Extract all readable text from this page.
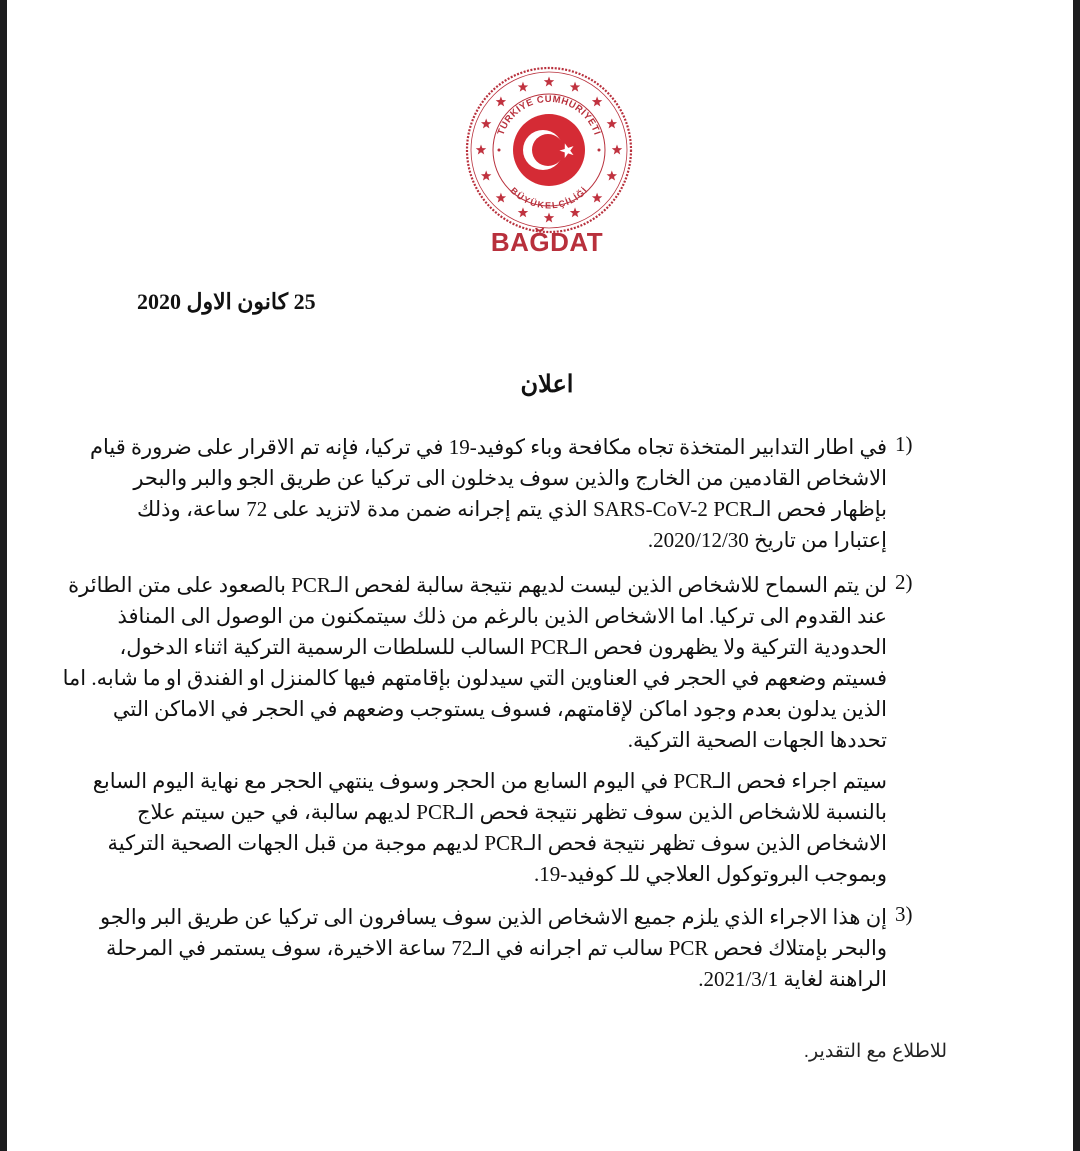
TÜRKİYE CUMHURİYETİ
BÜYÜKELÇİLİĞİ
BAĞDAT
25 كانون الاول 2020
اعلان
1)
في اطار التدابير المتخذة تجاه مكافحة وباء كوفيد-19 في تركيا، فإنه تم الاقرار على ضرورة قيام
الاشخاص القادمين من الخارج والذين سوف يدخلون الى تركيا عن طريق الجو والبر والبحر
بإظهار فحص الـSARS-CoV-2 PCR الذي يتم إجرانه ضمن مدة لاتزيد على 72 ساعة، وذلك
إعتبارا من تاريخ 2020/12/30.
2)
لن يتم السماح للاشخاص الذين ليست لديهم نتيجة سالبة لفحص الـPCR بالصعود على متن الطائرة
عند القدوم الى تركيا. اما الاشخاص الذين بالرغم من ذلك سيتمكنون من الوصول الى المنافذ
الحدودية التركية ولا يظهرون فحص الـPCR السالب للسلطات الرسمية التركية اثناء الدخول،
فسيتم وضعهم في الحجر في العناوين التي سيدلون بإقامتهم فيها كالمنزل او الفندق او ما شابه. اما
الذين يدلون بعدم وجود اماكن لإقامتهم، فسوف يستوجب وضعهم في الحجر في الاماكن التي
تحددها الجهات الصحية التركية.
سيتم اجراء فحص الـPCR في اليوم السابع من الحجر وسوف ينتهي الحجر مع نهاية اليوم السابع
بالنسبة للاشخاص الذين سوف تظهر نتيجة فحص الـPCR لديهم سالبة، في حين سيتم علاج
الاشخاص الذين سوف تظهر نتيجة فحص الـPCR لديهم موجبة من قبل الجهات الصحية التركية
وبموجب البروتوكول العلاجي للـ كوفيد-19.
3)
إن هذا الاجراء الذي يلزم جميع الاشخاص الذين سوف يسافرون الى تركيا عن طريق البر والجو
والبحر بإمتلاك فحص PCR سالب تم اجرانه في الـ72 ساعة الاخيرة، سوف يستمر في المرحلة
الراهنة لغاية 2021/3/1.
للاطلاع مع التقدير.
